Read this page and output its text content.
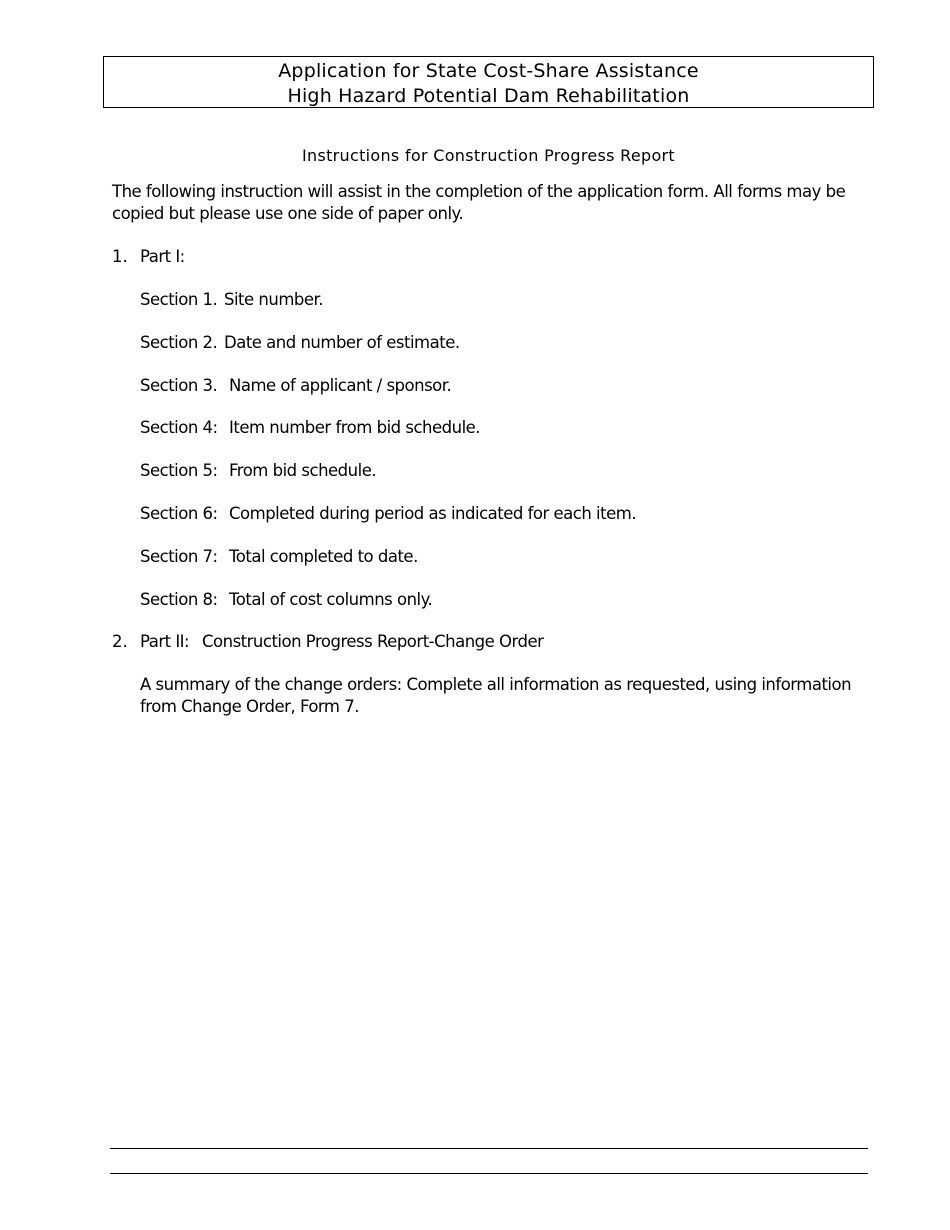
Application for State Cost-Share Assistance
High Hazard Potential Dam Rehabilitation
Instructions for Construction Progress Report
The following instruction will assist in the completion of the application form. All forms may be copied but please use one side of paper only.
1. Part I:
Section 1. Site number.
Section 2. Date and number of estimate.
Section 3. Name of applicant / sponsor.
Section 4: Item number from bid schedule.
Section 5: From bid schedule.
Section 6: Completed during period as indicated for each item.
Section 7: Total completed to date.
Section 8: Total of cost columns only.
2. Part II: Construction Progress Report-Change Order
A summary of the change orders: Complete all information as requested, using information from Change Order, Form 7.
